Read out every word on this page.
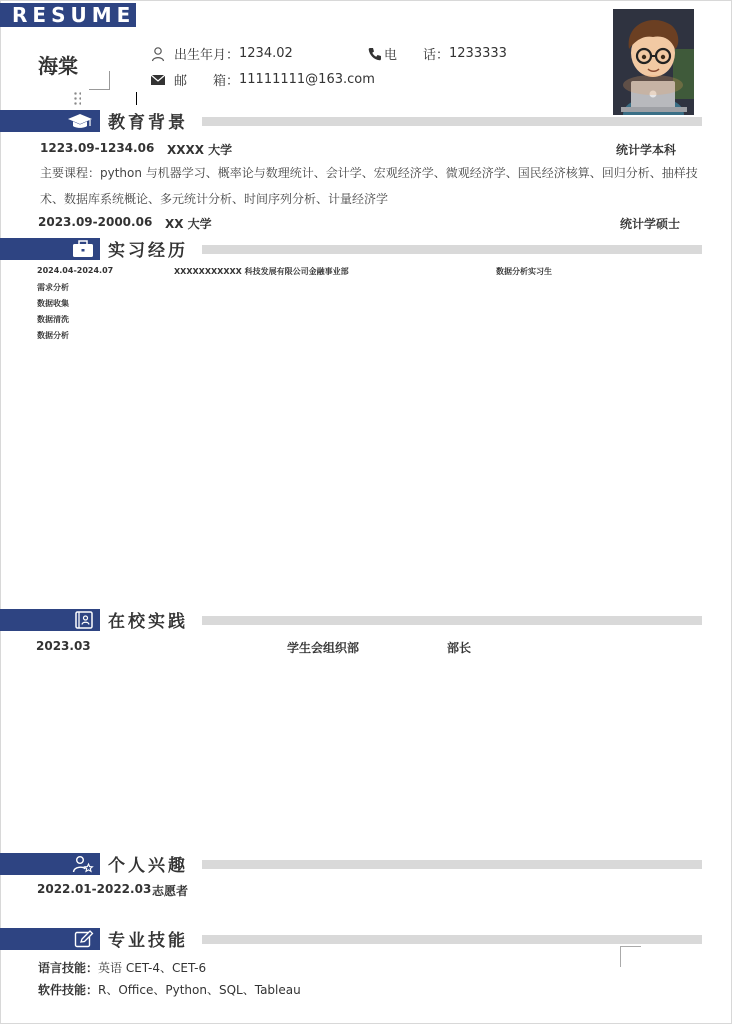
RESUME
海棠	出生年月： 1234.02	电　　话： 1233333
邮　　箱： 11111111@163.com
教育背景
1223.09-1234.06 XXXX 大学	统计学本科
主要课程：python 与机器学习、概率论与数理统计、会计学、宏观经济学、微观经济学、国民经济核算、回归分析、抽样技术、数据库系统概论、多元统计分析、时间序列分析、计量经济学
2023.09-2000.06 XX 大学	统计学硕士
实习经历
2024.04-2024.07	XXXXXXXXXXX 科技发展有限公司金融事业部	数据分析实习生
需求分析
数据收集
数据清洗
数据分析
在校实践
2023.03	学生会组织部	部长
个人兴趣
2022.01-2022.03 志愿者
专业技能
语言技能：英语 CET-4、CET-6
软件技能：R、Office、Python、SQL、Tableau
